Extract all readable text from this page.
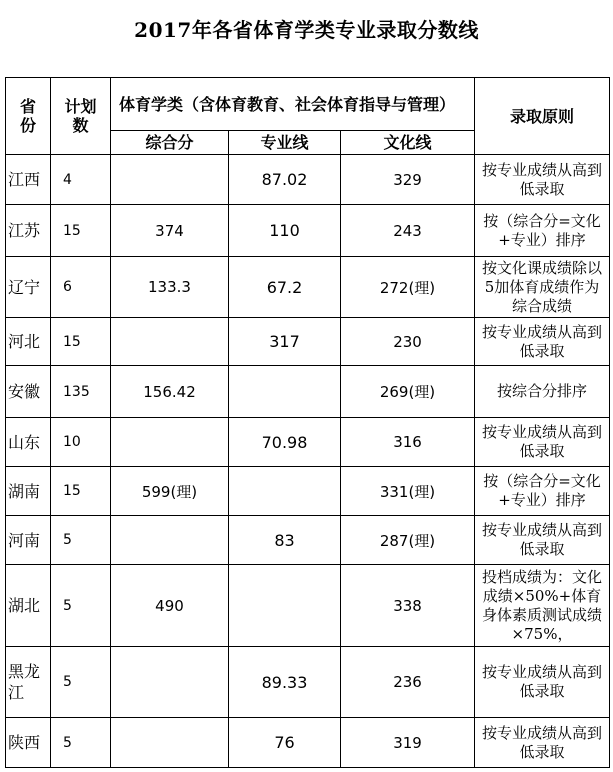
2017年各省体育学类专业录取分数线
省份	计划数	体育学类（含体育教育、社会体育指导与管理）			录取原则
		综合分	专业线	文化线	
江西	4		87.02	329	按专业成绩从高到低录取
江苏	15	374	110	243	按（综合分=文化+专业）排序
辽宁	6	133.3	67.2	272(理)	按文化课成绩除以5加体育成绩作为综合成绩
河北	15		317	230	按专业成绩从高到低录取
安徽	135	156.42		269(理)	按综合分排序
山东	10		70.98	316	按专业成绩从高到低录取
湖南	15	599(理)		331(理)	按（综合分=文化+专业）排序
河南	5		83	287(理)	按专业成绩从高到低录取
湖北	5	490		338	投档成绩为：文化成绩×50%+体育身体素质测试成绩×75%，
黑龙江	5		89.33	236	按专业成绩从高到低录取
陕西	5		76	319	按专业成绩从高到低录取
